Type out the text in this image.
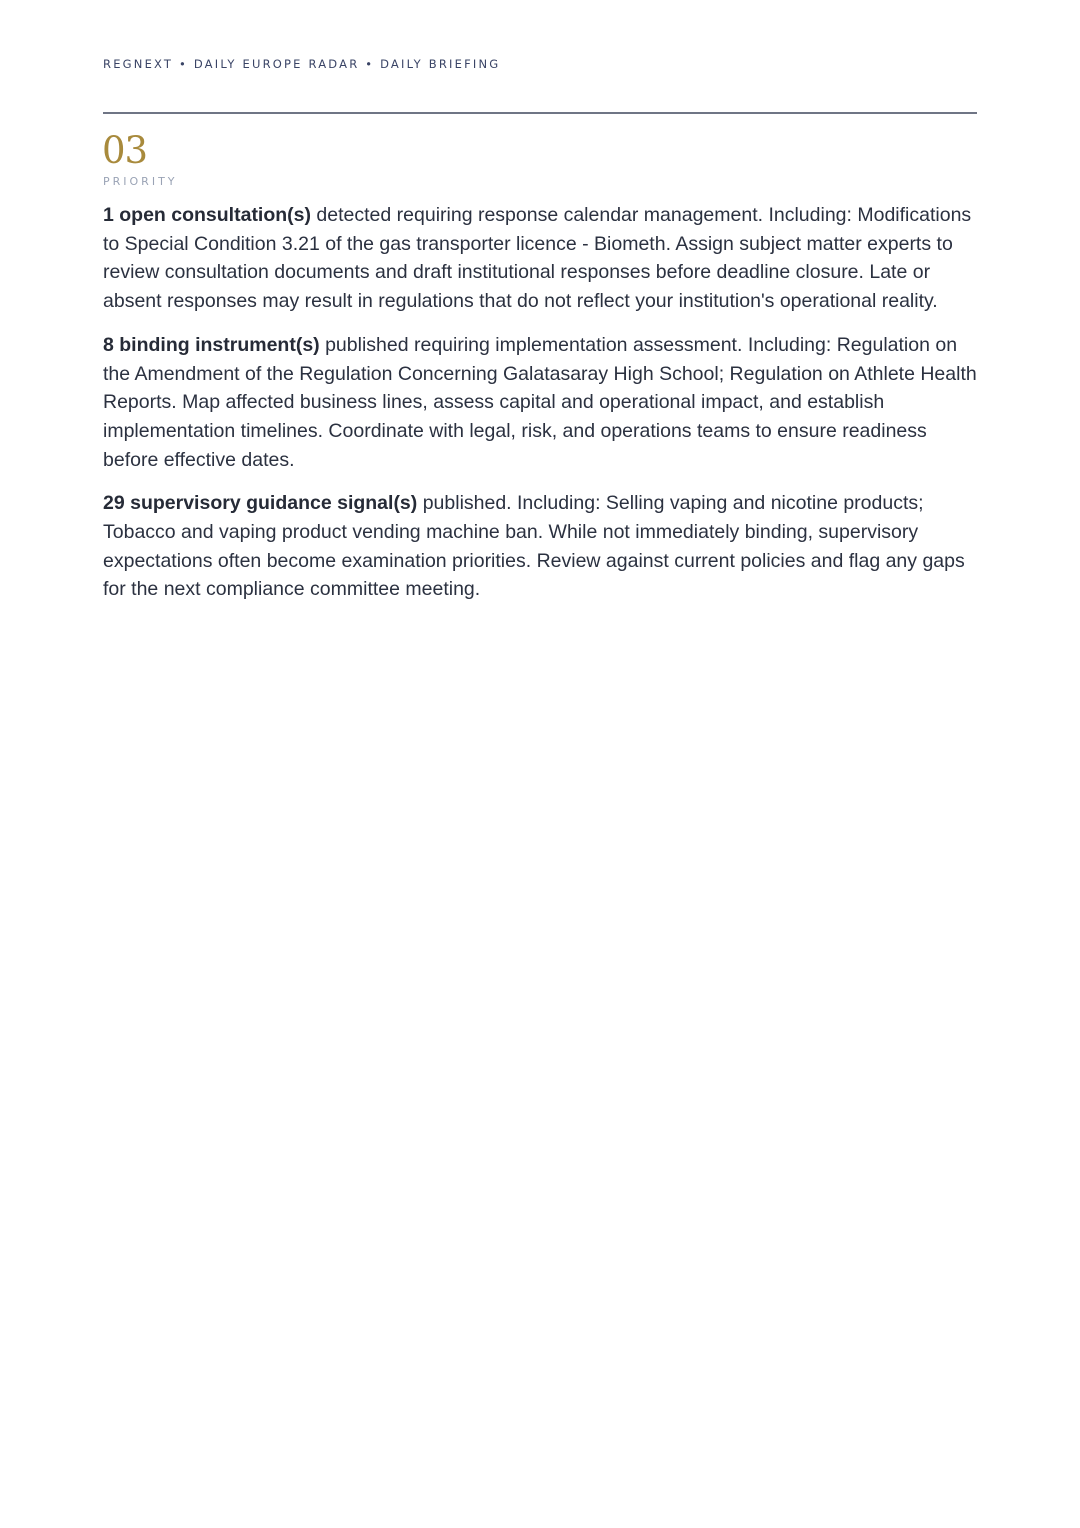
REGNEXT • DAILY EUROPE RADAR • DAILY BRIEFING
03
PRIORITY

1 open consultation(s) detected requiring response calendar management. Including: Modifications to Special Condition 3.21 of the gas transporter licence - Biometh. Assign subject matter experts to review consultation documents and draft institutional responses before deadline closure. Late or absent responses may result in regulations that do not reflect your institution's operational reality.

8 binding instrument(s) published requiring implementation assessment. Including: Regulation on the Amendment of the Regulation Concerning Galatasaray High School; Regulation on Athlete Health Reports. Map affected business lines, assess capital and operational impact, and establish implementation timelines. Coordinate with legal, risk, and operations teams to ensure readiness before effective dates.

29 supervisory guidance signal(s) published. Including: Selling vaping and nicotine products; Tobacco and vaping product vending machine ban. While not immediately binding, supervisory expectations often become examination priorities. Review against current policies and flag any gaps for the next compliance committee meeting.
